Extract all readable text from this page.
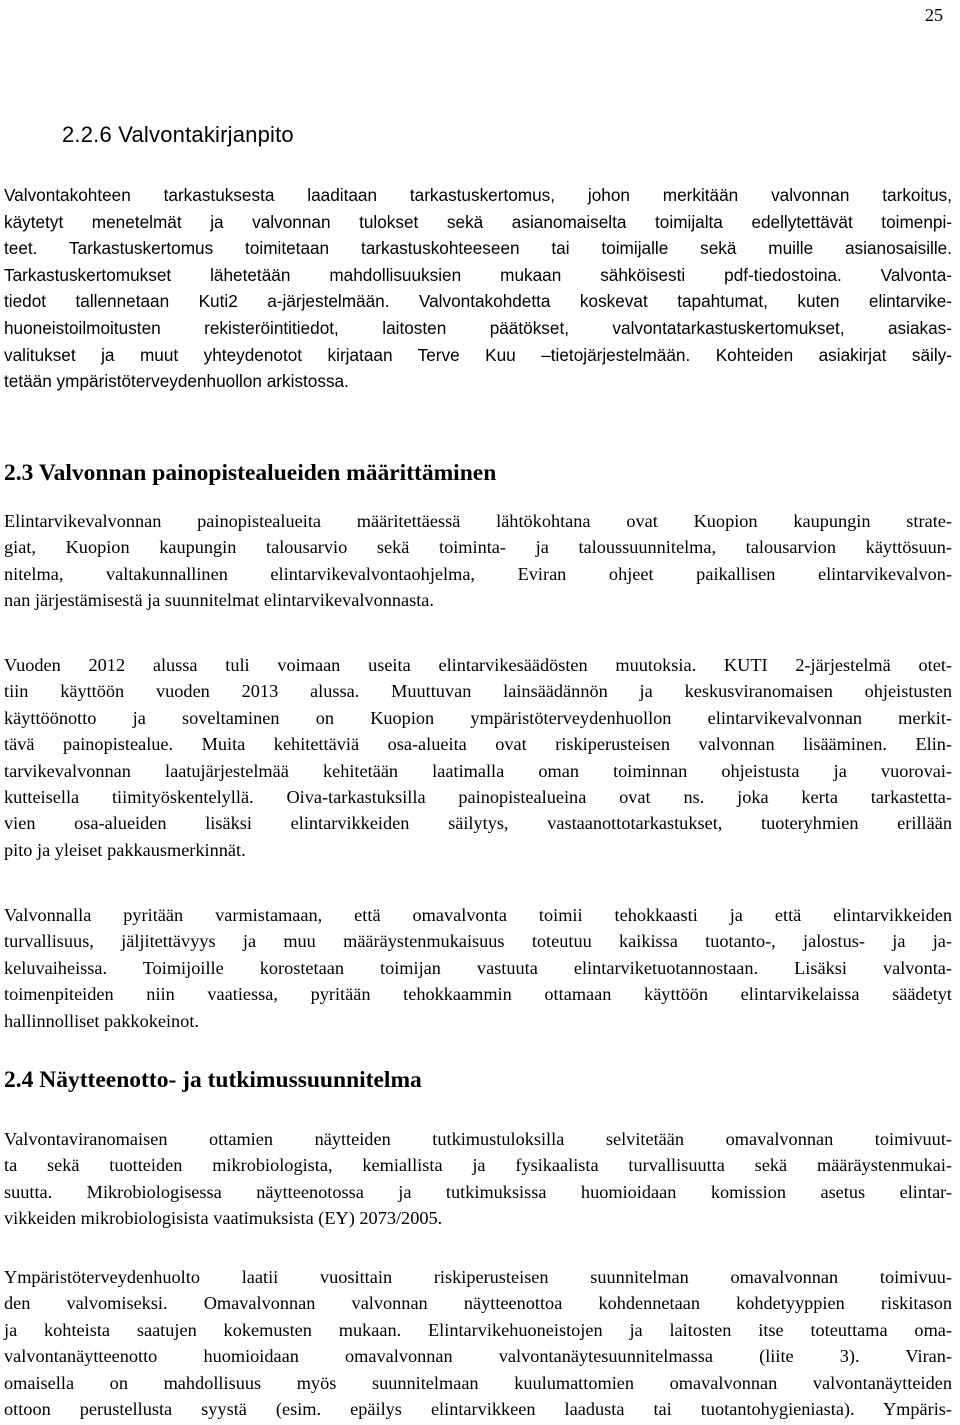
25
2.2.6 Valvontakirjanpito
Valvontakohteen tarkastuksesta laaditaan tarkastuskertomus, johon merkitään valvonnan tarkoitus,
käytetyt menetelmät ja valvonnan tulokset sekä asianomaiselta toimijalta edellytettävät toimenpi-
teet. Tarkastuskertomus toimitetaan tarkastuskohteeseen tai toimijalle sekä muille asianosaisille.
Tarkastuskertomukset lähetetään mahdollisuuksien mukaan sähköisesti pdf-tiedostoina. Valvonta-
tiedot tallennetaan Kuti2 a-järjestelmään. Valvontakohdetta koskevat tapahtumat, kuten elintarvike-
huoneistoilmoitusten rekisteröintitiedot, laitosten päätökset, valvontatarkastuskertomukset, asiakas-
valitukset ja muut yhteydenotot kirjataan Terve Kuu –tietojärjestelmään. Kohteiden asiakirjat säily-
tetään ympäristöterveydenhuollon arkistossa.
2.3 Valvonnan painopistealueiden määrittäminen
Elintarvikevalvonnan painopistealueita määritettäessä lähtökohtana ovat Kuopion kaupungin strate-
giat, Kuopion kaupungin talousarvio sekä toiminta- ja taloussuunnitelma, talousarvion käyttösuun-
nitelma, valtakunnallinen elintarvikevalvontaohjelma, Eviran ohjeet paikallisen elintarvikevalvon-
nan järjestämisestä ja suunnitelmat elintarvikevalvonnasta.
Vuoden 2012 alussa tuli voimaan useita elintarvikesäädösten muutoksia. KUTI 2-järjestelmä otet-
tiin käyttöön vuoden 2013 alussa. Muuttuvan lainsäädännön ja keskusviranomaisen ohjeistusten
käyttöönotto ja soveltaminen on Kuopion ympäristöterveydenhuollon elintarvikevalvonnan merkit-
tävä painopistealue. Muita kehitettäviä osa-alueita ovat riskiperusteisen valvonnan lisääminen. Elin-
tarvikevalvonnan laatujärjestelmää kehitetään laatimalla oman toiminnan ohjeistusta ja vuorovai-
kutteisella tiimityöskentelyllä. Oiva-tarkastuksilla painopistealueina ovat ns. joka kerta tarkastetta-
vien osa-alueiden lisäksi elintarvikkeiden säilytys, vastaanottotarkastukset, tuoteryhmien erillään
pito ja yleiset pakkausmerkinnät.
Valvonnalla pyritään varmistamaan, että omavalvonta toimii tehokkaasti ja että elintarvikkeiden
turvallisuus, jäljitettävyys ja muu määräystenmukaisuus toteutuu kaikissa tuotanto-, jalostus- ja ja-
keluvaiheissa. Toimijoille korostetaan toimijan vastuuta elintarviketuotannostaan. Lisäksi valvonta-
toimenpiteiden niin vaatiessa, pyritään tehokkaammin ottamaan käyttöön elintarvikelaissa säädetyt
hallinnolliset pakkokeinot.
2.4 Näytteenotto- ja tutkimussuunnitelma
Valvontaviranomaisen ottamien näytteiden tutkimustuloksilla selvitetään omavalvonnan toimivuut-
ta sekä tuotteiden mikrobiologista, kemiallista ja fysikaalista turvallisuutta sekä määräystenmukai-
suutta. Mikrobiologisessa näytteenotossa ja tutkimuksissa huomioidaan komission asetus elintar-
vikkeiden mikrobiologisista vaatimuksista (EY) 2073/2005.
Ympäristöterveydenhuolto laatii vuosittain riskiperusteisen suunnitelman omavalvonnan toimivuu-
den valvomiseksi. Omavalvonnan valvonnan näytteenottoa kohdennetaan kohdetyyppien riskitason
ja kohteista saatujen kokemusten mukaan. Elintarvikehuoneistojen ja laitosten itse toteuttama oma-
valvontanäytteenotto huomioidaan omavalvonnan valvontanäytesuunnitelmassa (liite 3). Viran-
omaisella on mahdollisuus myös suunnitelmaan kuulumattomien omavalvonnan valvontanäytteiden
ottoon perustellusta syystä (esim. epäilys elintarvikkeen laadusta tai tuotantohygieniasta). Ympäris-
